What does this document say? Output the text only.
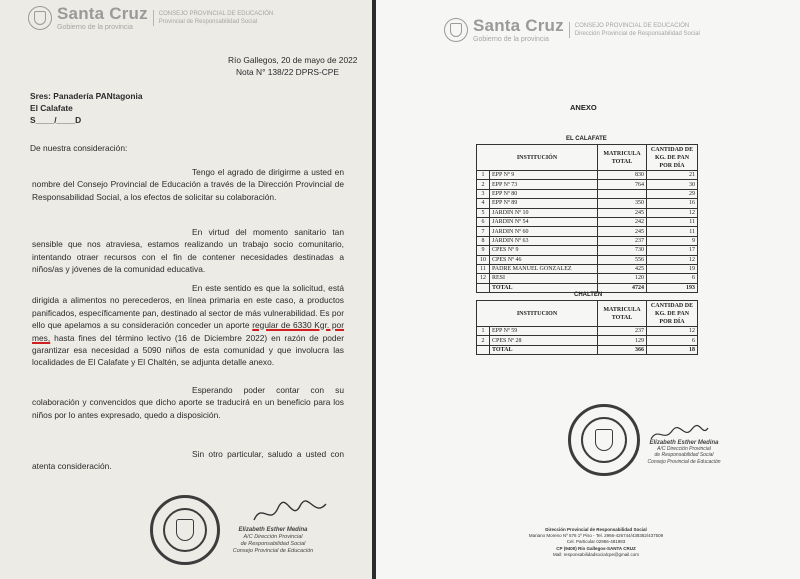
Santa Cruz
Gobierno de la provincia
CONSEJO PROVINCIAL DE EDUCACIÓN
Provincial de Responsabilidad Social
Río Gallegos, 20 de mayo de 2022
Nota N° 138/22 DPRS-CPE
Sres: Panadería PANtagonia
El Calafate
S____/____D
De nuestra consideración:
Tengo el agrado de dirigirme a usted en nombre del Consejo Provincial de Educación a través de la Dirección Provincial de Responsabilidad Social, a los efectos de solicitar su colaboración.
En virtud del momento sanitario tan sensible que nos atraviesa, estamos realizando un trabajo socio comunitario, intentando otraer recursos con el fin de contener necesidades destinadas a niños/as y jóvenes de la comunidad educativa.
En este sentido es que la solicitud, está dirigida a alimentos no perecederos, en línea primaria en este caso, a productos panificados, específicamente pan, destinado al sector de más vulnerabilidad. Es por ello que apelamos a su consideración conceder un aporte regular de 6330 Kgr. por mes, hasta fines del término lectivo (16 de Diciembre 2022) en razón de poder garantizar esa necesidad a 5090 niños de esta comunidad y que involucra las localidades de El Calafate y El Chaltén, se adjunta detalle anexo.
Esperando poder contar con su colaboración y convencidos que dicho aporte se traducirá en un beneficio para los niños por lo antes expresado, quedo a disposición.
Sin otro particular, saludo a usted con atenta consideración.
Elizabeth Esther Medina
A/C Dirección Provincial
de Responsabilidad Social
Consejo Provincial de Educación
Santa Cruz
Gobierno de la provincia
CONSEJO PROVINCIAL DE EDUCACIÓN
Dirección Provincial de Responsabilidad Social
ANEXO
EL CALAFATE
INSTITUCIÓN		MATRICULA TOTAL	CANTIDAD DE KG. DE PAN POR DÍA
1	EPP Nº 9	830	21
2	EPP Nº 73	764	30
3	EPP Nº 80		29
4	EPP Nº 89	350	16
5	JARDIN Nº 10	245	12
6	JARDIN Nº 54	242	11
7	JARDIN Nº 60	245	11
8	JARDIN Nº 63	237	9
9	CPES Nº 9	730	17
10	CPES Nº 46	556	12
11	PADRE MANUEL GONZALEZ	425	19
12	RESI	120	6
	TOTAL	4724	193
CHALTEN
INSTITUCION		MATRICULA TOTAL	CANTIDAD DE KG. DE PAN POR DÍA
1	EPP Nº 59	237	12
2	CPES Nº 28	129	6
	TOTAL	366	18
Elizabeth Esther Medina
A/C Dirección Provincial
de Responsabilidad Social
Consejo Provincial de Educación
Dirección Provincial de Responsabilidad Social
Mariano Moreno Nº 576 1º Piso - Tel. 2966-426744/438382/437509
Cel. Particular 02966-481983
CP (9400) Río Gallegos-SANTA CRUZ
Mail: responsabilidadsocialcpe@gmail.com
